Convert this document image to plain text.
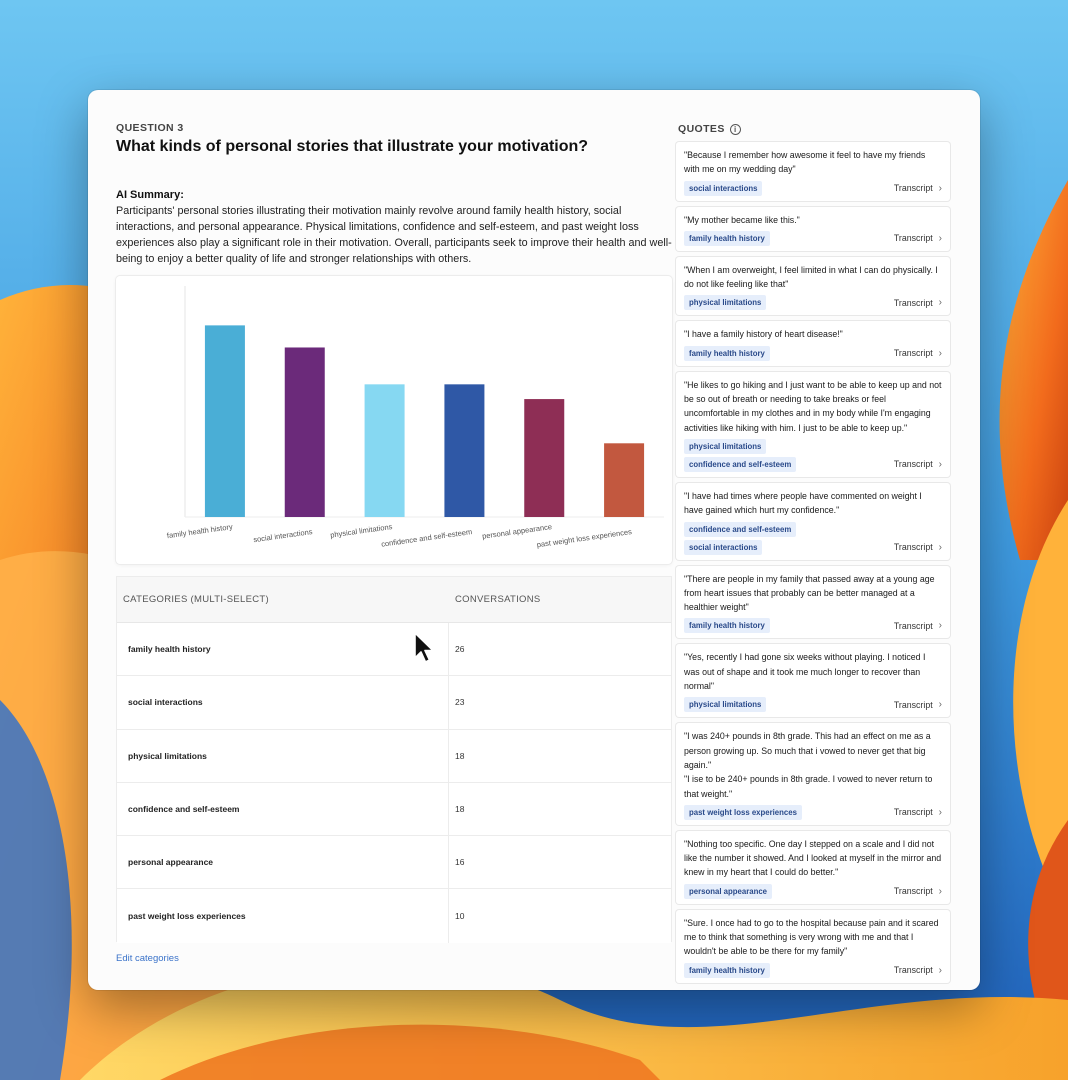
QUESTION 3
What kinds of personal stories that illustrate your motivation?
AI Summary:
Participants' personal stories illustrating their motivation mainly revolve around family health history, social interactions, and personal appearance. Physical limitations, confidence and self-esteem, and past weight loss experiences also play a significant role in their motivation. Overall, participants seek to improve their health and well-being to enjoy a better quality of life and stronger relationships with others.
family health history	social interactions physical limitations
confidence and self-esteem personal appearance
past weight loss experiences
CATEGORIES (MULTI-SELECT)	CONVERSATIONS
family health history	26
social interactions	23
physical limitations	18
confidence and self-esteem	18
personal appearance	16
past weight loss experiences	10
Edit categories
QUOTES	i
"Because I remember how awesome it feel to have my friends with me on my wedding day"
social interactions	Transcript ›
"My mother became like this."
family health history	Transcript ›
"When I am overweight, I feel limited in what I can do physically. I do not like feeling like that"
physical limitations	Transcript ›
"I have a family history of heart disease!"
family health history	Transcript ›
"He likes to go hiking and I just want to be able to keep up and not be so out of breath or needing to take breaks or feel uncomfortable in my clothes and in my body while I'm engaging activities like hiking with him. I just to be able to keep up."
physical limitations
confidence and self-esteem	Transcript ›
"I have had times where people have commented on weight I have gained which hurt my confidence."
confidence and self-esteem
social interactions	Transcript ›
"There are people in my family that passed away at a young age from heart issues that probably can be better managed at a healthier weight"
family health history	Transcript ›
"Yes, recently I had gone six weeks without playing. I noticed I was out of shape and it took me much longer to recover than normal"
physical limitations	Transcript ›
"I was 240+ pounds in 8th grade. This had an effect on me as a person growing up. So much that i vowed to never get that big again."
"I ise to be 240+ pounds in 8th grade. I vowed to never return to that weight."
past weight loss experiences	Transcript ›
"Nothing too specific. One day I stepped on a scale and I did not like the number it showed. And I looked at myself in the mirror and knew in my heart that I could do better."
personal appearance	Transcript ›
"Sure. I once had to go to the hospital because pain and it scared me to think that something is very wrong with me and that I wouldn't be able to be there for my family"
family health history	Transcript ›
